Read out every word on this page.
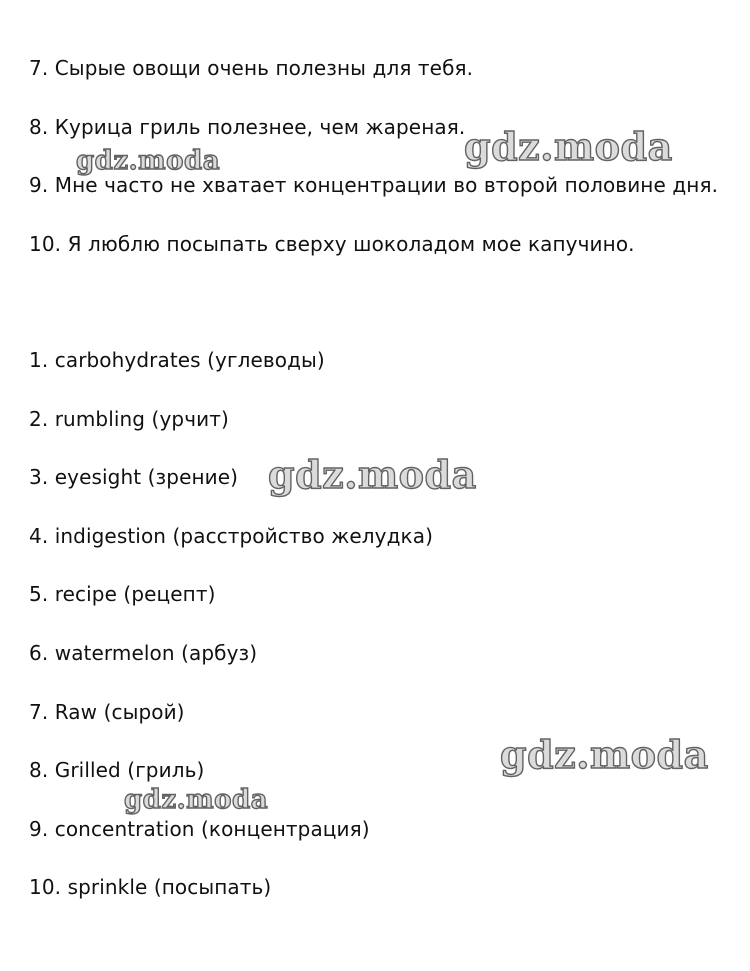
7. Сырые овощи очень полезны для тебя.
8. Курица гриль полезнее, чем жареная.
9. Мне часто не хватает концентрации во второй половине дня.
10. Я люблю посыпать сверху шоколадом мое капучино.
1. carbohydrates (углеводы)
2. rumbling (урчит)
3. eyesight (зрение)
4. indigestion (расстройство желудка)
5. recipe (рецепт)
6. watermelon (арбуз)
7. Raw (сырой)
8. Grilled (гриль)
9. concentration (концентрация)
10. sprinkle (посыпать)
gdz.moda	gdz.moda
gdz.moda
gdz.moda
gdz.moda
